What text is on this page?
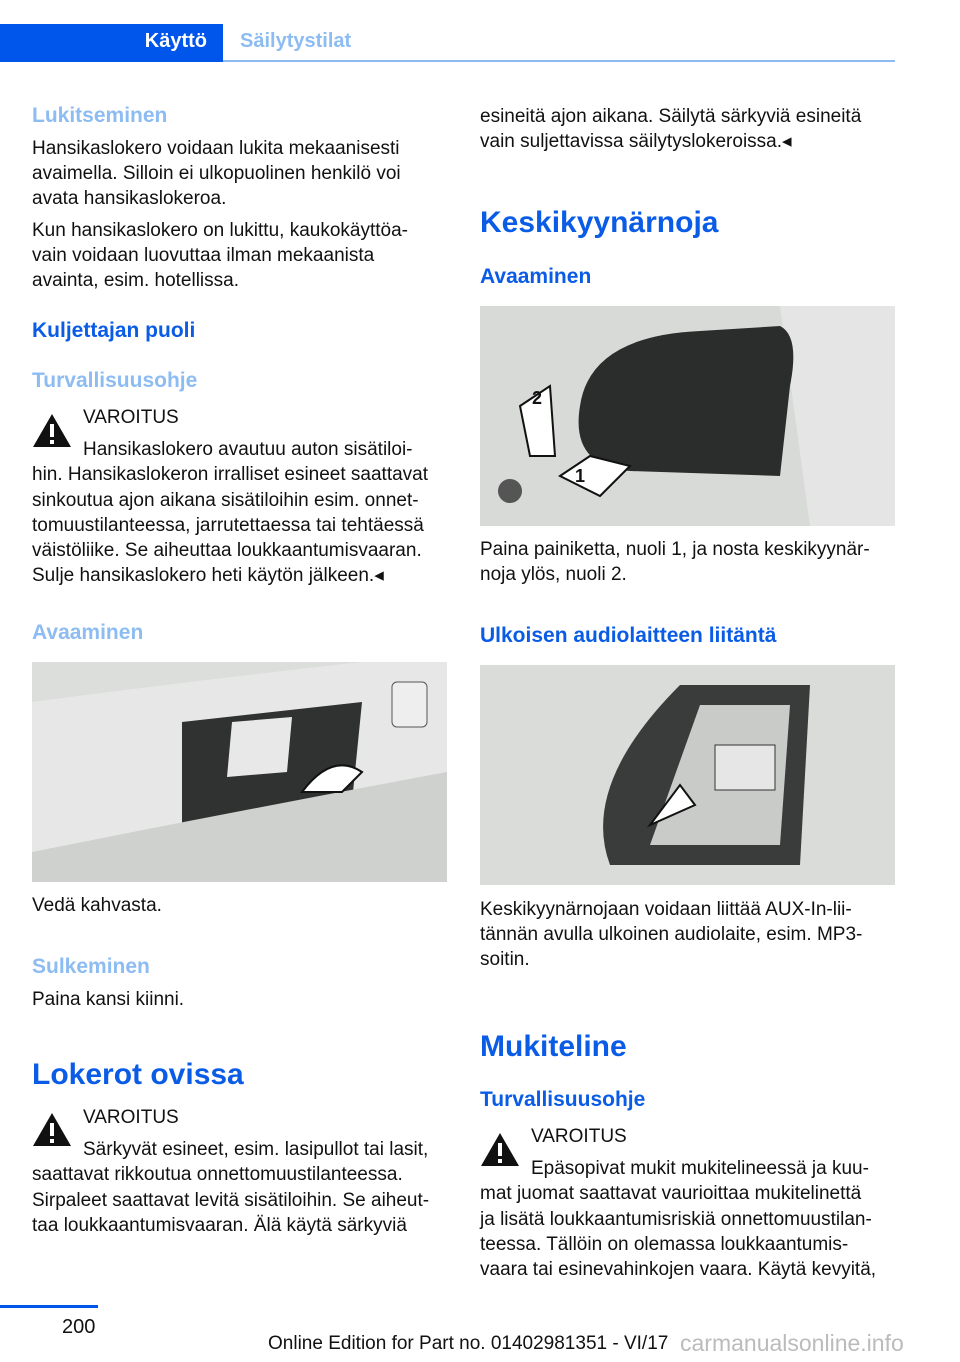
Käyttö	Säilytystilat
Lukitseminen
Hansikaslokero voidaan lukita mekaanisesti
avaimella. Silloin ei ulkopuolinen henkilö voi
avata hansikaslokeroa.
Kun hansikaslokero on lukittu, kaukokäyttöa-
vain voidaan luovuttaa ilman mekaanista
avainta, esim. hotellissa.
Kuljettajan puoli
Turvallisuusohje
VAROITUS
Hansikaslokero avautuu auton sisätiloi-
hin. Hansikaslokeron irralliset esineet saattavat
sinkoutua ajon aikana sisätiloihin esim. onnet-
tomuustilanteessa, jarrutettaessa tai tehtäessä
väistöliike. Se aiheuttaa loukkaantumisvaaran.
Sulje hansikaslokero heti käytön jälkeen.◂
Avaaminen
Vedä kahvasta.
Sulkeminen
Paina kansi kiinni.
Lokerot ovissa
VAROITUS
Särkyvät esineet, esim. lasipullot tai lasit,
saattavat rikkoutua onnettomuustilanteessa.
Sirpaleet saattavat levitä sisätiloihin. Se aiheut-
taa loukkaantumisvaaran. Älä käytä särkyviä
esineitä ajon aikana. Säilytä särkyviä esineitä
vain suljettavissa säilytyslokeroissa.◂
Keskikyynärnoja
Avaaminen
2
1
Paina painiketta, nuoli 1, ja nosta keskikyynär-
noja ylös, nuoli 2.
Ulkoisen audiolaitteen liitäntä
Keskikyynärnojaan voidaan liittää AUX-In-lii-
tännän avulla ulkoinen audiolaite, esim. MP3-
soitin.
Mukiteline
Turvallisuusohje
VAROITUS
Epäsopivat mukit mukitelineessä ja kuu-
mat juomat saattavat vaurioittaa mukitelinettä
ja lisätä loukkaantumisriskiä onnettomuustilan-
teessa. Tällöin on olemassa loukkaantumis-
vaara tai esinevahinkojen vaara. Käytä kevyitä,
200
Online Edition for Part no. 01402981351 - VI/17 carmanualsonline.info
